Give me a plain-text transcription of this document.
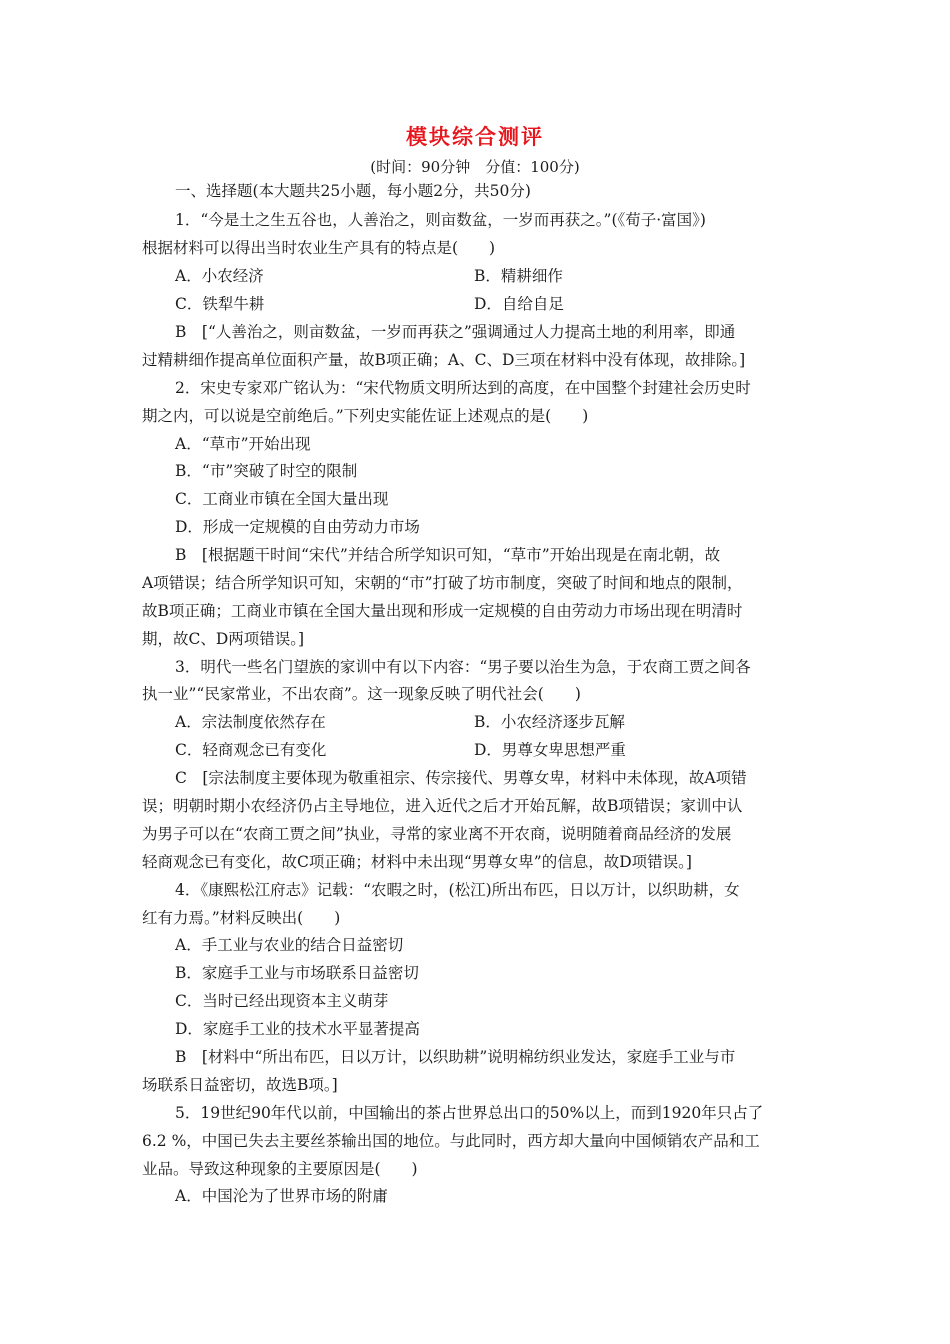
模块综合测评
(时间：90分钟　分值：100分)
一、选择题(本大题共25小题，每小题2分，共50分)
1．“今是土之生五谷也，人善治之，则亩数盆，一岁而再获之。”(《荀子·富国》)
根据材料可以得出当时农业生产具有的特点是(　　)
A．小农经济	B．精耕细作
C．铁犁牛耕	D．自给自足
B　[“人善治之，则亩数盆，一岁而再获之”强调通过人力提高土地的利用率，即通
过精耕细作提高单位面积产量，故B项正确；A、C、D三项在材料中没有体现，故排除。]
2．宋史专家邓广铭认为：“宋代物质文明所达到的高度，在中国整个封建社会历史时
期之内，可以说是空前绝后。”下列史实能佐证上述观点的是(　　)
A．“草市”开始出现
B．“市”突破了时空的限制
C．工商业市镇在全国大量出现
D．形成一定规模的自由劳动力市场
B　[根据题干时间“宋代”并结合所学知识可知，“草市”开始出现是在南北朝，故
A项错误；结合所学知识可知，宋朝的“市”打破了坊市制度，突破了时间和地点的限制，
故B项正确；工商业市镇在全国大量出现和形成一定规模的自由劳动力市场出现在明清时
期，故C、D两项错误。]
3．明代一些名门望族的家训中有以下内容：“男子要以治生为急，于农商工贾之间各
执一业”“民家常业，不出农商”。这一现象反映了明代社会(　　)
A．宗法制度依然存在	B．小农经济逐步瓦解
C．轻商观念已有变化	D．男尊女卑思想严重
C　[宗法制度主要体现为敬重祖宗、传宗接代、男尊女卑，材料中未体现，故A项错
误；明朝时期小农经济仍占主导地位，进入近代之后才开始瓦解，故B项错误；家训中认
为男子可以在“农商工贾之间”执业，寻常的家业离不开农商，说明随着商品经济的发展
轻商观念已有变化，故C项正确；材料中未出现“男尊女卑”的信息，故D项错误。]
4．《康熙松江府志》记载：“农暇之时，(松江)所出布匹，日以万计，以织助耕，女
红有力焉。”材料反映出(　　)
A．手工业与农业的结合日益密切
B．家庭手工业与市场联系日益密切
C．当时已经出现资本主义萌芽
D．家庭手工业的技术水平显著提高
B　[材料中“所出布匹，日以万计，以织助耕”说明棉纺织业发达，家庭手工业与市
场联系日益密切，故选B项。]
5．19世纪90年代以前，中国输出的茶占世界总出口的50%以上，而到1920年只占了
6.2 %，中国已失去主要丝茶输出国的地位。与此同时，西方却大量向中国倾销农产品和工
业品。导致这种现象的主要原因是(　　)
A．中国沦为了世界市场的附庸
